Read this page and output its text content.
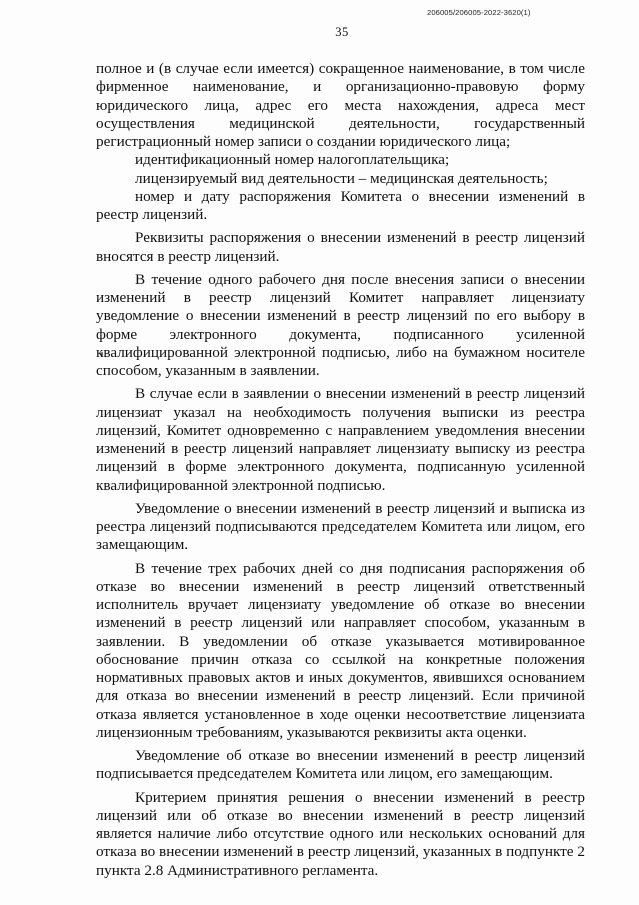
206005/206005-2022-3620(1)
35

полное и (в случае если имеется) сокращенное наименование, в том числе фирменное наименование, и организационно-правовую форму юридического лица, адрес его места нахождения, адреса мест осуществления медицинской деятельности, государственный регистрационный номер записи о создании юридического лица;

идентификационный номер налогоплательщика;

лицензируемый вид деятельности – медицинская деятельность;

номер и дату распоряжения Комитета о внесении изменений в реестр лицензий.

Реквизиты распоряжения о внесении изменений в реестр лицензий вносятся в реестр лицензий.

В течение одного рабочего дня после внесения записи о внесении изменений в реестр лицензий Комитет направляет лицензиату уведомление о внесении изменений в реестр лицензий по его выбору в форме электронного документа, подписанного усиленной квалифицированной электронной подписью, либо на бумажном носителе способом, указанным в заявлении.

В случае если в заявлении о внесении изменений в реестр лицензий лицензиат указал на необходимость получения выписки из реестра лицензий, Комитет одновременно с направлением уведомления внесении изменений в реестр лицензий направляет лицензиату выписку из реестра лицензий в форме электронного документа, подписанную усиленной квалифицированной электронной подписью.

Уведомление о внесении изменений в реестр лицензий и выписка из реестра лицензий подписываются председателем Комитета или лицом, его замещающим.

В течение трех рабочих дней со дня подписания распоряжения об отказе во внесении изменений в реестр лицензий ответственный исполнитель вручает лицензиату уведомление об отказе во внесении изменений в реестр лицензий или направляет способом, указанным в заявлении. В уведомлении об отказе указывается мотивированное обоснование причин отказа со ссылкой на конкретные положения нормативных правовых актов и иных документов, явившихся основанием для отказа во внесении изменений в реестр лицензий. Если причиной отказа является установленное в ходе оценки несоответствие лицензиата лицензионным требованиям, указываются реквизиты акта оценки.

Уведомление об отказе во внесении изменений в реестр лицензий подписывается председателем Комитета или лицом, его замещающим.

Критерием принятия решения о внесении изменений в реестр лицензий или об отказе во внесении изменений в реестр лицензий является наличие либо отсутствие одного или нескольких оснований для отказа во внесении изменений в реестр лицензий, указанных в подпункте 2 пункта 2.8 Административного регламента.
